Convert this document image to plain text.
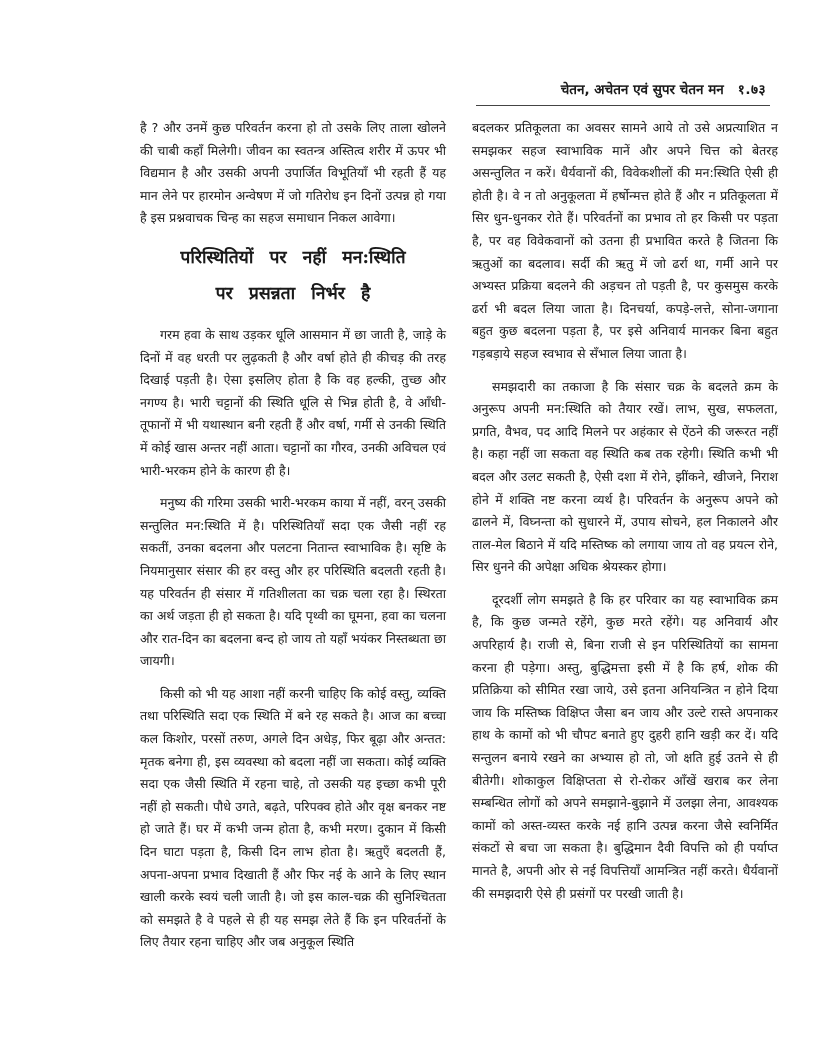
चेतन, अचेतन एवं सुपर चेतन मन १.७३

है ? और उनमें कुछ परिवर्तन करना हो तो उसके लिए ताला खोलने की चाबी कहाँ मिलेगी। जीवन का स्वतन्त्र अस्तित्व शरीर में ऊपर भी विद्यमान है और उसकी अपनी उपार्जित विभूतियाँ भी रहती हैं यह मान लेने पर हारमोन अन्वेषण में जो गतिरोध इन दिनों उत्पन्न हो गया है इस प्रश्नवाचक चिन्ह का सहज समाधान निकल आवेगा।

परिस्थितियों पर नहीं मन:स्थिति
पर प्रसन्नता निर्भर है

गरम हवा के साथ उड़कर धूलि आसमान में छा जाती है, जाड़े के दिनों में वह धरती पर लुढ़कती है और वर्षा होते ही कीचड़ की तरह दिखाई पड़ती है। ऐसा इसलिए होता है कि वह हल्की, तुच्छ और नगण्य है। भारी चट्टानों की स्थिति धूलि से भिन्न होती है, वे आँधी-तूफानों में भी यथास्थान बनी रहती हैं और वर्षा, गर्मी से उनकी स्थिति में कोई खास अन्तर नहीं आता। चट्टानों का गौरव, उनकी अविचल एवं भारी-भरकम होने के कारण ही है।

मनुष्य की गरिमा उसकी भारी-भरकम काया में नहीं, वरन् उसकी सन्तुलित मन:स्थिति में है। परिस्थितियाँ सदा एक जैसी नहीं रह सकतीं, उनका बदलना और पलटना नितान्त स्वाभाविक है। सृष्टि के नियमानुसार संसार की हर वस्तु और हर परिस्थिति बदलती रहती है। यह परिवर्तन ही संसार में गतिशीलता का चक्र चला रहा है। स्थिरता का अर्थ जड़ता ही हो सकता है। यदि पृथ्वी का घूमना, हवा का चलना और रात-दिन का बदलना बन्द हो जाय तो यहाँ भयंकर निस्तब्धता छा जायगी।

किसी को भी यह आशा नहीं करनी चाहिए कि कोई वस्तु, व्यक्ति तथा परिस्थिति सदा एक स्थिति में बने रह सकते है। आज का बच्चा कल किशोर, परसों तरुण, अगले दिन अधेड़, फिर बूढ़ा और अन्तत: मृतक बनेगा ही, इस व्यवस्था को बदला नहीं जा सकता। कोई व्यक्ति सदा एक जैसी स्थिति में रहना चाहे, तो उसकी यह इच्छा कभी पूरी नहीं हो सकती। पौधे उगते, बढ़ते, परिपक्व होते और वृक्ष बनकर नष्ट हो जाते हैं। घर में कभी जन्म होता है, कभी मरण। दुकान में किसी दिन घाटा पड़ता है, किसी दिन लाभ होता है। ऋतुएँ बदलती हैं, अपना-अपना प्रभाव दिखाती हैं और फिर नई के आने के लिए स्थान खाली करके स्वयं चली जाती है। जो इस काल-चक्र की सुनिश्चितता को समझते है वे पहले से ही यह समझ लेते हैं कि इन परिवर्तनों के लिए तैयार रहना चाहिए और जब अनुकूल स्थिति

बदलकर प्रतिकूलता का अवसर सामने आये तो उसे अप्रत्याशित न समझकर सहज स्वाभाविक मानें और अपने चित्त को बेतरह असन्तुलित न करें। धैर्यवानों की, विवेकशीलों की मन:स्थिति ऐसी ही होती है। वे न तो अनुकूलता में हर्षोन्मत्त होते हैं और न प्रतिकूलता में सिर धुन-धुनकर रोते हैं। परिवर्तनों का प्रभाव तो हर किसी पर पड़ता है, पर वह विवेकवानों को उतना ही प्रभावित करते है जितना कि ऋतुओं का बदलाव। सर्दी की ऋतु में जो ढर्रा था, गर्मी आने पर अभ्यस्त प्रक्रिया बदलने की अड़चन तो पड़ती है, पर कुसमुस करके ढर्रा भी बदल लिया जाता है। दिनचर्या, कपड़े-लत्ते, सोना-जगाना बहुत कुछ बदलना पड़ता है, पर इसे अनिवार्य मानकर बिना बहुत गड़बड़ाये सहज स्वभाव से सँभाल लिया जाता है।

समझदारी का तकाजा है कि संसार चक्र के बदलते क्रम के अनुरूप अपनी मन:स्थिति को तैयार रखें। लाभ, सुख, सफलता, प्रगति, वैभव, पद आदि मिलने पर अहंकार से ऐंठने की जरूरत नहीं है। कहा नहीं जा सकता वह स्थिति कब तक रहेगी। स्थिति कभी भी बदल और उलट सकती है, ऐसी दशा में रोने, झींकने, खीजने, निराश होने में शक्ति नष्ट करना व्यर्थ है। परिवर्तन के अनुरूप अपने को ढालने में, विघ्नन्ता को सुधारने में, उपाय सोचने, हल निकालने और ताल-मेल बिठाने में यदि मस्तिष्क को लगाया जाय तो वह प्रयत्न रोने, सिर धुनने की अपेक्षा अधिक श्रेयस्कर होगा।

दूरदर्शी लोग समझते है कि हर परिवार का यह स्वाभाविक क्रम है, कि कुछ जन्मते रहेंगे, कुछ मरते रहेंगे। यह अनिवार्य और अपरिहार्य है। राजी से, बिना राजी से इन परिस्थितियों का सामना करना ही पड़ेगा। अस्तु, बुद्धिमत्ता इसी में है कि हर्ष, शोक की प्रतिक्रिया को सीमित रखा जाये, उसे इतना अनियन्त्रित न होने दिया जाय कि मस्तिष्क विक्षिप्त जैसा बन जाय और उल्टे रास्ते अपनाकर हाथ के कामों को भी चौपट बनाते हुए दुहरी हानि खड़ी कर दें। यदि सन्तुलन बनाये रखने का अभ्यास हो तो, जो क्षति हुई उतने से ही बीतेगी। शोकाकुल विक्षिप्तता से रो-रोकर आँखें खराब कर लेना सम्बन्धित लोगों को अपने समझाने-बुझाने में उलझा लेना, आवश्यक कामों को अस्त-व्यस्त करके नई हानि उत्पन्न करना जैसे स्वनिर्मित संकटों से बचा जा सकता है। बुद्धिमान दैवी विपत्ति को ही पर्याप्त मानते है, अपनी ओर से नई विपत्तियाँ आमन्त्रित नहीं करते। धैर्यवानों की समझदारी ऐसे ही प्रसंगों पर परखी जाती है।
